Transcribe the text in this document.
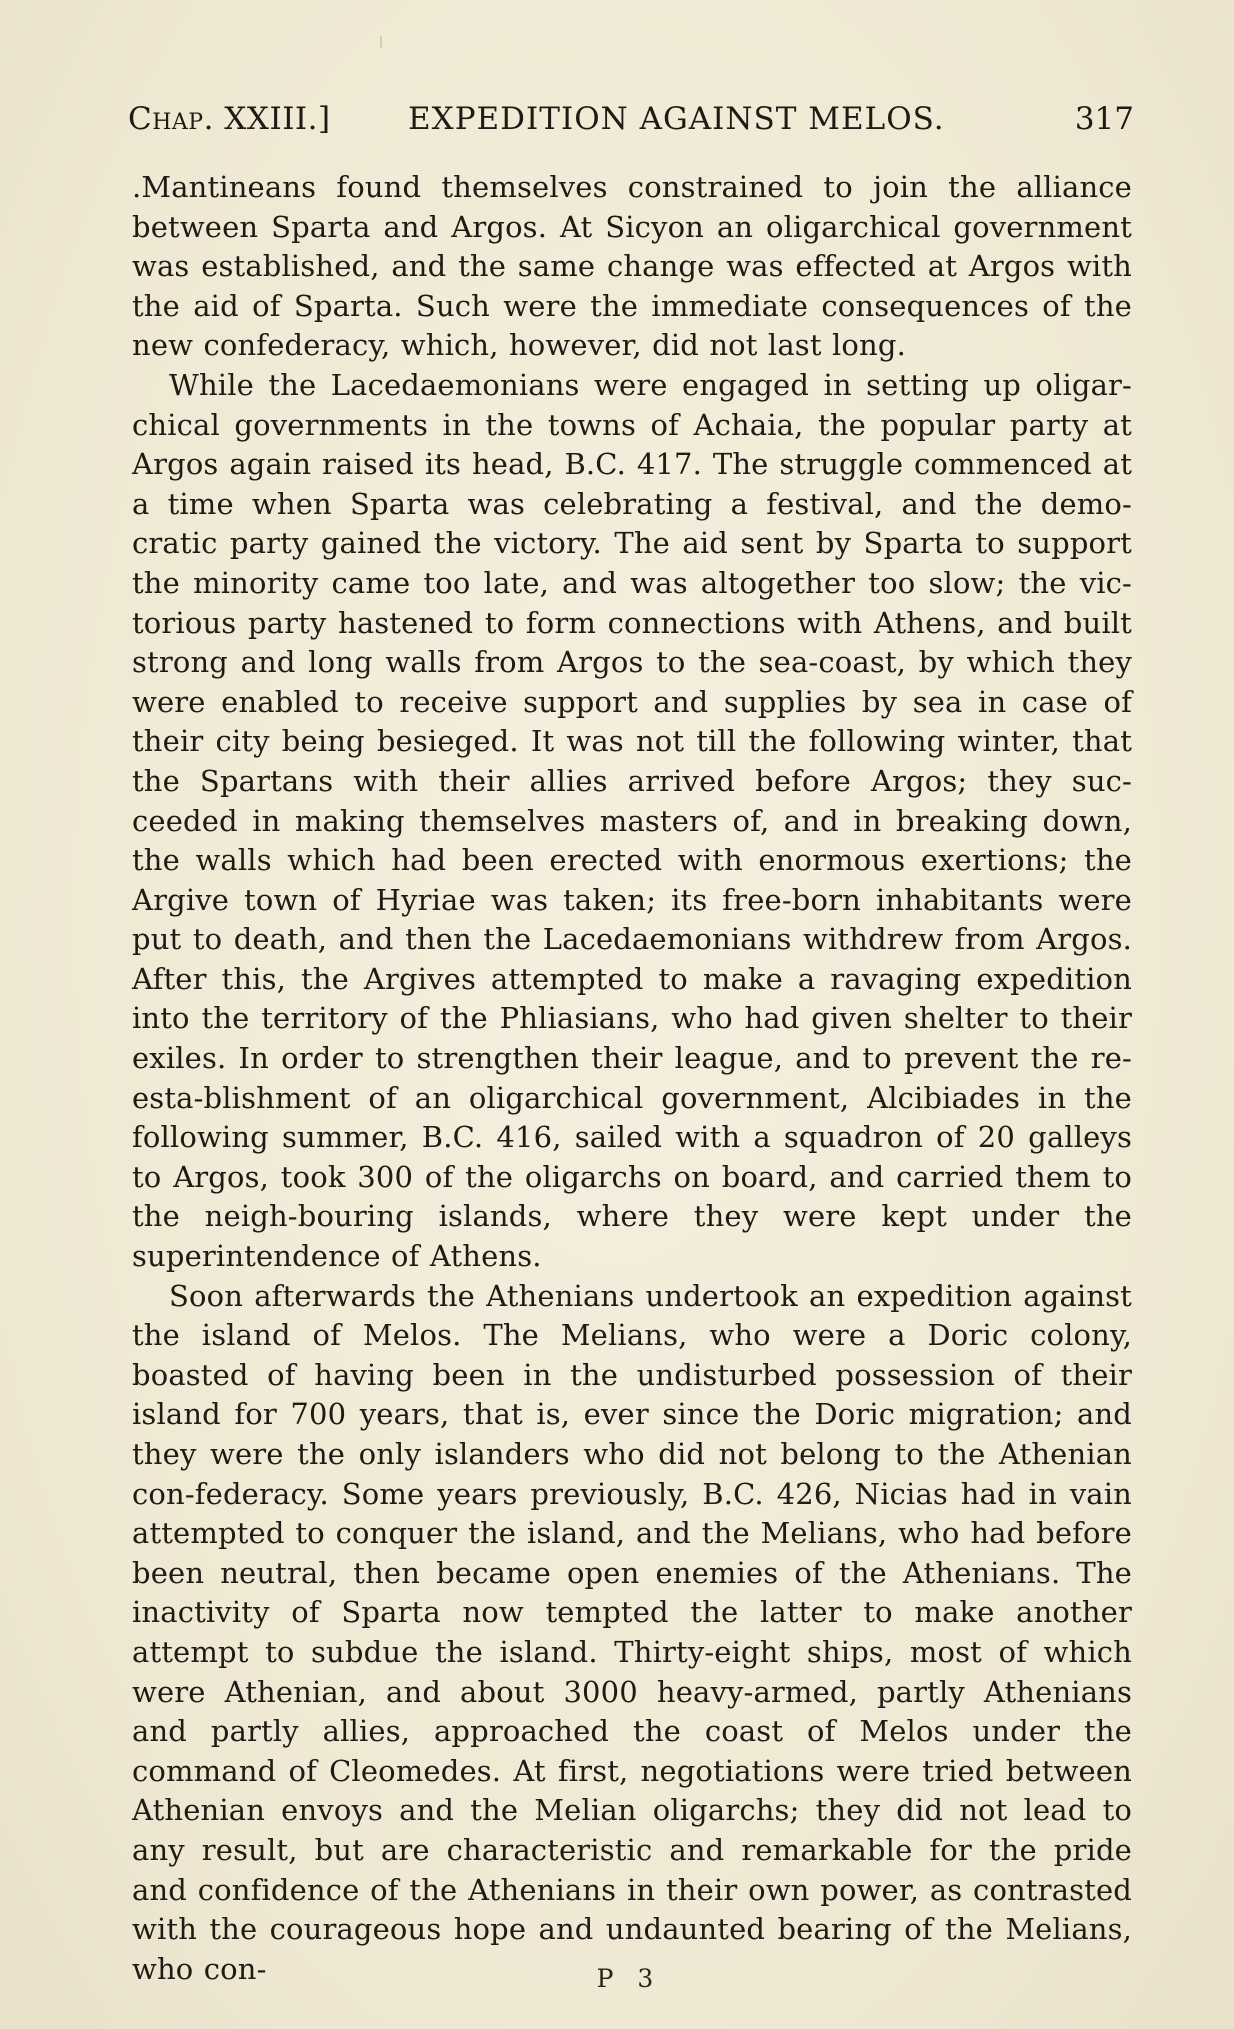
Chap. XXIII.] EXPEDITION AGAINST MELOS.	317

.Mantineans found themselves constrained to join the alliance between Sparta and Argos. At Sicyon an oligarchical government was established, and the same change was effected at Argos with the aid of Sparta. Such were the immediate consequences of the new confederacy, which, however, did not last long.

While the Lacedaemonians were engaged in setting up oligar-chical governments in the towns of Achaia, the popular party at Argos again raised its head, B.C. 417. The struggle commenced at a time when Sparta was celebrating a festival, and the demo-cratic party gained the victory. The aid sent by Sparta to support the minority came too late, and was altogether too slow; the vic-torious party hastened to form connections with Athens, and built strong and long walls from Argos to the sea-coast, by which they were enabled to receive support and supplies by sea in case of their city being besieged. It was not till the following winter, that the Spartans with their allies arrived before Argos; they suc-ceeded in making themselves masters of, and in breaking down, the walls which had been erected with enormous exertions; the Argive town of Hyriae was taken; its free-born inhabitants were put to death, and then the Lacedaemonians withdrew from Argos. After this, the Argives attempted to make a ravaging expedition into the territory of the Phliasians, who had given shelter to their exiles. In order to strengthen their league, and to prevent the re-esta-blishment of an oligarchical government, Alcibiades in the following summer, B.C. 416, sailed with a squadron of 20 galleys to Argos, took 300 of the oligarchs on board, and carried them to the neigh-bouring islands, where they were kept under the superintendence of Athens.

Soon afterwards the Athenians undertook an expedition against the island of Melos. The Melians, who were a Doric colony, boasted of having been in the undisturbed possession of their island for 700 years, that is, ever since the Doric migration; and they were the only islanders who did not belong to the Athenian con-federacy. Some years previously, B.C. 426, Nicias had in vain attempted to conquer the island, and the Melians, who had before been neutral, then became open enemies of the Athenians. The inactivity of Sparta now tempted the latter to make another attempt to subdue the island. Thirty-eight ships, most of which were Athenian, and about 3000 heavy-armed, partly Athenians and partly allies, approached the coast of Melos under the command of Cleomedes. At first, negotiations were tried between Athenian envoys and the Melian oligarchs; they did not lead to any result, but are characteristic and remarkable for the pride and confidence of the Athenians in their own power, as contrasted with the courageous hope and undaunted bearing of the Melians, who con-	P 3
